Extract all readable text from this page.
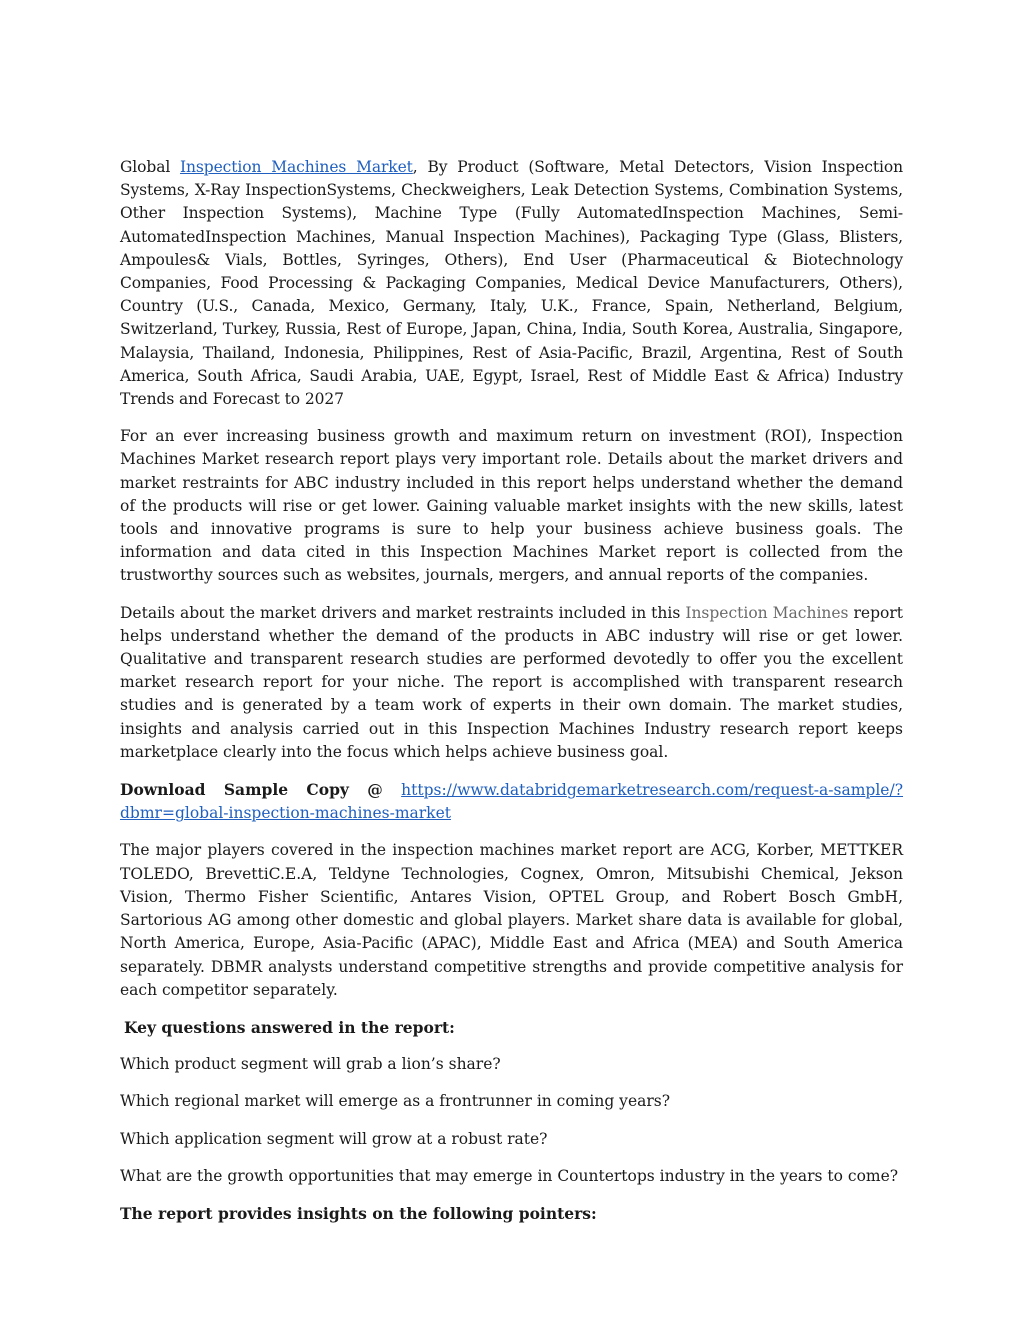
Global Inspection Machines Market, By Product (Software, Metal Detectors, Vision Inspection Systems, X-Ray InspectionSystems, Checkweighers, Leak Detection Systems, Combination Systems, Other Inspection Systems), Machine Type (Fully AutomatedInspection Machines, Semi-AutomatedInspection Machines, Manual Inspection Machines), Packaging Type (Glass, Blisters, Ampoules& Vials, Bottles, Syringes, Others), End User (Pharmaceutical & Biotechnology Companies, Food Processing & Packaging Companies, Medical Device Manufacturers, Others), Country (U.S., Canada, Mexico, Germany, Italy, U.K., France, Spain, Netherland, Belgium, Switzerland, Turkey, Russia, Rest of Europe, Japan, China, India, South Korea, Australia, Singapore, Malaysia, Thailand, Indonesia, Philippines, Rest of Asia-Pacific, Brazil, Argentina, Rest of South America, South Africa, Saudi Arabia, UAE, Egypt, Israel, Rest of Middle East & Africa) Industry Trends and Forecast to 2027

For an ever increasing business growth and maximum return on investment (ROI), Inspection Machines Market research report plays very important role. Details about the market drivers and market restraints for ABC industry included in this report helps understand whether the demand of the products will rise or get lower. Gaining valuable market insights with the new skills, latest tools and innovative programs is sure to help your business achieve business goals. The information and data cited in this Inspection Machines Market report is collected from the trustworthy sources such as websites, journals, mergers, and annual reports of the companies.

Details about the market drivers and market restraints included in this Inspection Machines report helps understand whether the demand of the products in ABC industry will rise or get lower. Qualitative and transparent research studies are performed devotedly to offer you the excellent market research report for your niche. The report is accomplished with transparent research studies and is generated by a team work of experts in their own domain. The market studies, insights and analysis carried out in this Inspection Machines Industry research report keeps marketplace clearly into the focus which helps achieve business goal.

Download Sample Copy @ https://www.databridgemarketresearch.com/request-a-sample/?dbmr=global-inspection-machines-market

The major players covered in the inspection machines market report are ACG, Korber, METTKER TOLEDO, BrevettiC.E.A, Teldyne Technologies, Cognex, Omron, Mitsubishi Chemical, Jekson Vision, Thermo Fisher Scientific, Antares Vision, OPTEL Group, and Robert Bosch GmbH, Sartorious AG among other domestic and global players. Market share data is available for global, North America, Europe, Asia-Pacific (APAC), Middle East and Africa (MEA) and South America separately. DBMR analysts understand competitive strengths and provide competitive analysis for each competitor separately.

Key questions answered in the report:

Which product segment will grab a lion’s share?

Which regional market will emerge as a frontrunner in coming years?

Which application segment will grow at a robust rate?

What are the growth opportunities that may emerge in Countertops industry in the years to come?

The report provides insights on the following pointers:
